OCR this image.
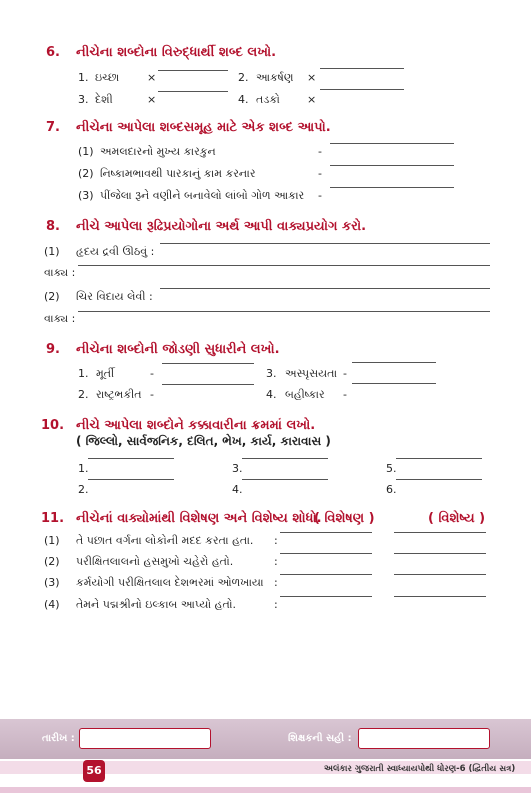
6. નીચેના શબ્દોના વિરુદ્ધાર્થી શબ્દ લખો.
1. ઇચ્છા	×	2. આકર્ષણ ×
3. દેશી	×	4. તડકો ×
7. નીચેના આપેલા શબ્દસમૂહ માટે એક શબ્દ આપો.
(1) અમલદારનો મુખ્ય કારકુન	-
(2) નિષ્કામભાવથી પારકાનું કામ કરનાર	-
(3) પીંજેલા રૂને વણીને બનાવેલો લાંબો ગોળ આકાર -
8. નીચે આપેલા રૂઢિપ્રયોગોના અર્થ આપી વાક્યપ્રયોગ કરો.
(1) હૃદય દ્રવી ઊઠવું :
વાક્ય :
(2) ચિર વિદાય લેવી :
વાક્ય :
9. નીચેના શબ્દોની જોડણી સુધારીને લખો.
1. મૂર્તી	-	3. અસ્પૃસયતા -
2. રાષ્ટ્રભકીત -	4. બહીષ્કાર -
10. નીચે આપેલા શબ્દોને કક્કાવારીના ક્રમમાં લખો.
( જિલ્લો, સાર્વજનિક, દલિત, ભેખ, કાર્ય, કારાવાસ )
1.	3.	5.
2.	4.	6.
11. નીચેનાં વાક્યોમાંથી વિશેષણ અને વિશેષ્ય શોધો.
( વિશેષણ )	( વિશેષ્ય )
(1) તે પછાત વર્ગના લોકોની મદદ કરતા હતા. :
(2) પરીક્ષિતલાલનો હસમુખો ચહેરો હતો.	:
(3) કર્મયોગી પરીક્ષિતલાલ દેશભરમાં ઓળખાયા :
(4) તેમને પદ્મશ્રીનો ઇલ્કાબ આપ્યો હતો.	:
તારીખ :	શિક્ષકની સહી :
અલંકાર ગુજરાતી સ્વાધ્યાયપોથી ધોરણ-6 (દ્વિતીય સત્ર)
56
